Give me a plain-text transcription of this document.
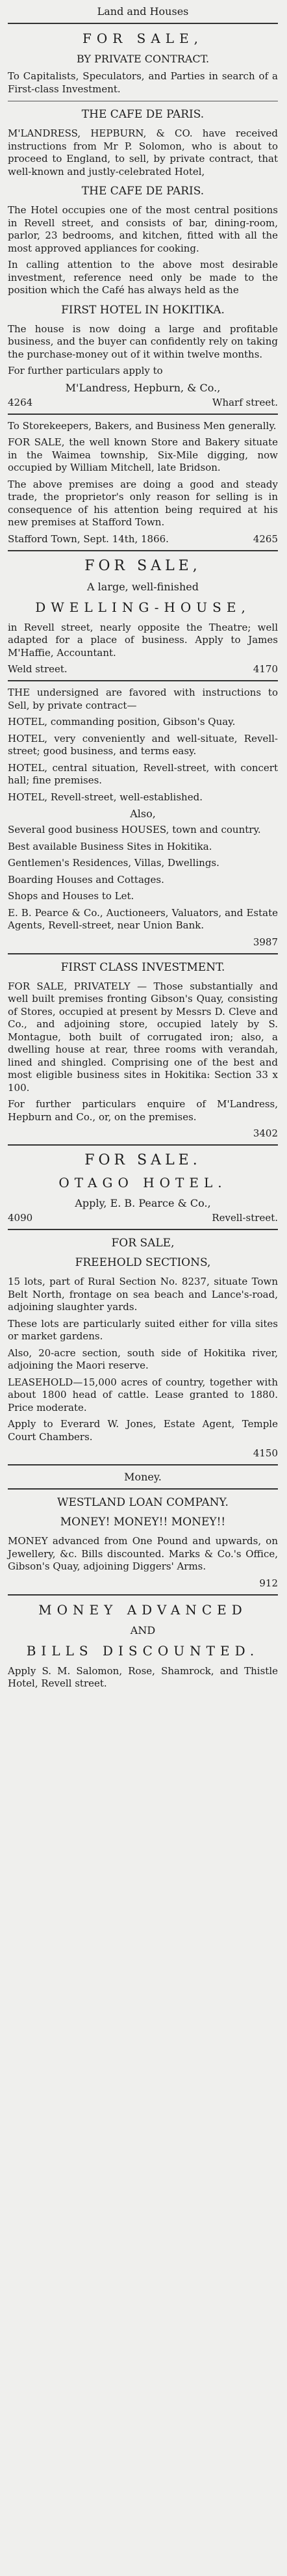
Land and Houses
FOR SALE,
BY PRIVATE CONTRACT.

To Capitalists, Speculators, and Parties in search of a First-class Investment.

THE CAFE DE PARIS.

M'LANDRESS, HEPBURN, & CO. have received instructions from Mr P. Solomon, who is about to proceed to England, to sell, by private contract, that well-known and justly-celebrated Hotel,

THE CAFE DE PARIS.

The Hotel occupies one of the most central positions in Revell street, and consists of bar, dining-room, parlor, 23 bedrooms, and kitchen, fitted with all the most approved appliances for cooking.

In calling attention to the above most desirable investment, reference need only be made to the position which the Café has always held as the

FIRST HOTEL IN HOKITIKA.

The house is now doing a large and profitable business, and the buyer can confidently rely on taking the purchase-money out of it within twelve months.

For further particulars apply to

M'Landress, Hepburn, & Co.,
4264	Wharf street.

To Storekeepers, Bakers, and Business Men generally.

FOR SALE, the well known Store and Bakery situate in the Waimea township, Six-Mile digging, now occupied by William Mitchell, late Bridson.

The above premises are doing a good and steady trade, the proprietor's only reason for selling is in consequence of his attention being required at his new premises at Stafford Town.

Stafford Town, Sept. 14th, 1866.	4265
FOR SALE,
A large, well-finished
DWELLING-HOUSE,

in Revell street, nearly opposite the Theatre; well adapted for a place of business. Apply to James M'Haffie, Accountant.

Weld street.	4170

THE undersigned are favored with instructions to Sell, by private contract—

HOTEL, commanding position, Gibson's Quay.

HOTEL, very conveniently and well-situate, Revell-street; good business, and terms easy.

HOTEL, central situation, Revell-street, with concert hall; fine premises.

HOTEL, Revell-street, well-established.

Also,

Several good business HOUSES, town and country.

Best available Business Sites in Hokitika.

Gentlemen's Residences, Villas, Dwellings.

Boarding Houses and Cottages.

Shops and Houses to Let.

E. B. Pearce & Co., Auctioneers, Valuators, and Estate Agents, Revell-street, near Union Bank.

3987
FIRST CLASS INVESTMENT.

FOR SALE, PRIVATELY — Those substantially and well built premises fronting Gibson's Quay, consisting of Stores, occupied at present by Messrs D. Cleve and Co., and adjoining store, occupied lately by S. Montague, both built of corrugated iron; also, a dwelling house at rear, three rooms with verandah, lined and shingled. Comprising one of the best and most eligible business sites in Hokitika: Section 33 x 100.

For further particulars enquire of M'Landress, Hepburn and Co., or, on the premises.

3402
FOR SALE.
OTAGO HOTEL.
Apply, E. B. Pearce & Co.,
4090	Revell-street.
FOR SALE,
FREEHOLD SECTIONS,

15 lots, part of Rural Section No. 8237, situate Town Belt North, frontage on sea beach and Lance's-road, adjoining slaughter yards.

These lots are particularly suited either for villa sites or market gardens.

Also, 20-acre section, south side of Hokitika river, adjoining the Maori reserve.

LEASEHOLD—15,000 acres of country, together with about 1800 head of cattle. Lease granted to 1880. Price moderate.

Apply to Everard W. Jones, Estate Agent, Temple Court Chambers.

4150
Money.
WESTLAND LOAN COMPANY.
MONEY! MONEY!! MONEY!!

MONEY advanced from One Pound and upwards, on Jewellery, &c. Bills discounted. Marks & Co.'s Office, Gibson's Quay, adjoining Diggers' Arms.

912
MONEY ADVANCED
AND
BILLS DISCOUNTED.

Apply S. M. Salomon, Rose, Shamrock, and Thistle Hotel, Revell street.
